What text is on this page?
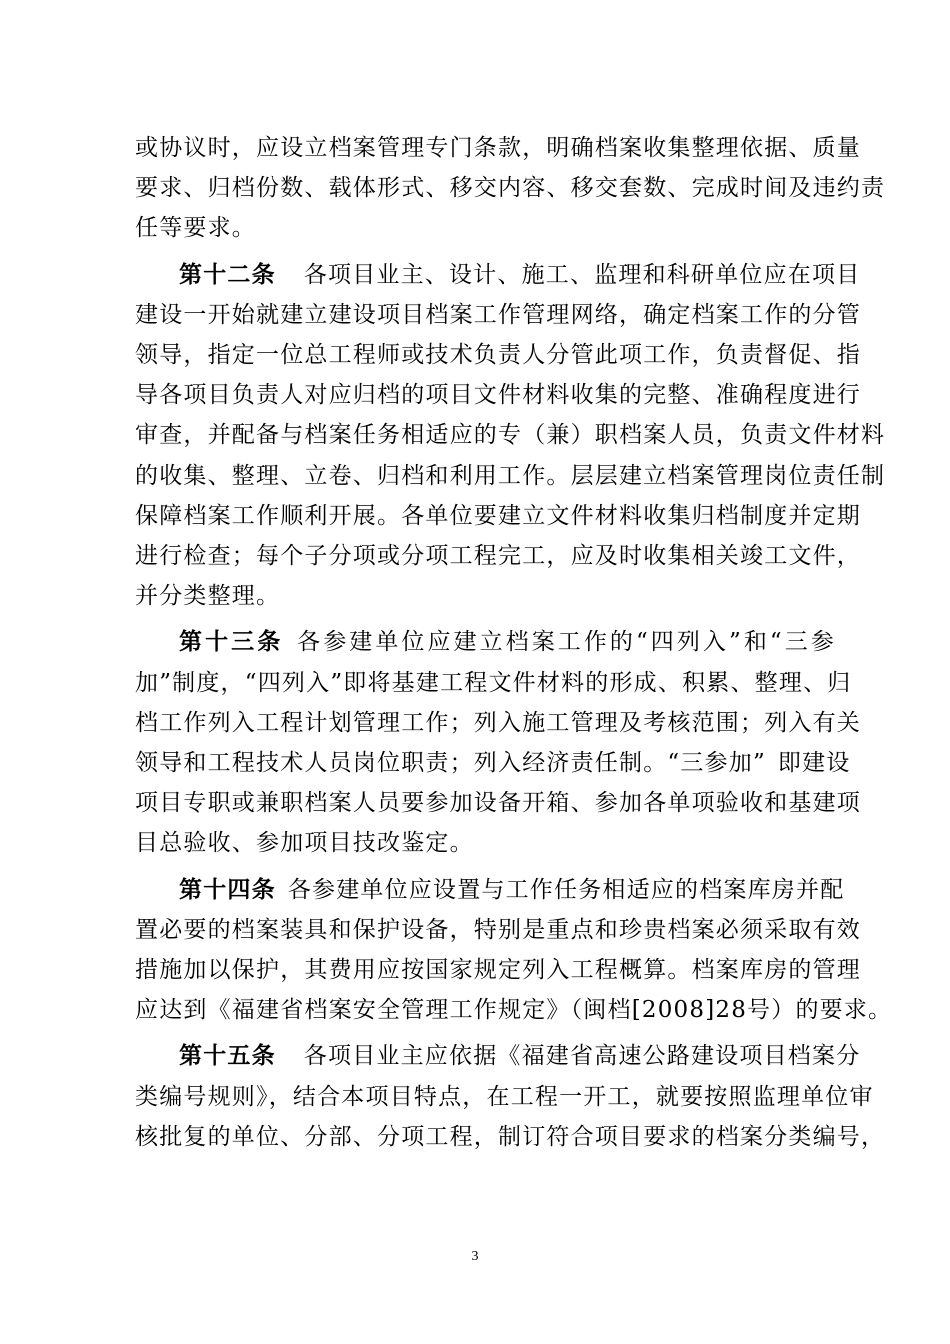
或协议时，应设立档案管理专门条款，明确档案收集整理依据、质量
要求、归档份数、载体形式、移交内容、移交套数、完成时间及违约责
任等要求。
第十二条 各项目业主、设计、施工、监理和科研单位应在项目
建设一开始就建立建设项目档案工作管理网络，确定档案工作的分管
领导，指定一位总工程师或技术负责人分管此项工作，负责督促、指
导各项目负责人对应归档的项目文件材料收集的完整、准确程度进行
审查，并配备与档案任务相适应的专（兼）职档案人员，负责文件材料
的收集、整理、立卷、归档和利用工作。层层建立档案管理岗位责任制
保障档案工作顺利开展。各单位要建立文件材料收集归档制度并定期
进行检查；每个子分项或分项工程完工，应及时收集相关竣工文件，
并分类整理。
第十三条 各参建单位应建立档案工作的“四列入”和“三参
加”制度，“四列入”即将基建工程文件材料的形成、积累、整理、归
档工作列入工程计划管理工作；列入施工管理及考核范围；列入有关
领导和工程技术人员岗位职责；列入经济责任制。“三参加” 即建设
项目专职或兼职档案人员要参加设备开箱、参加各单项验收和基建项
目总验收、参加项目技改鉴定。
第十四条 各参建单位应设置与工作任务相适应的档案库房并配
置必要的档案装具和保护设备，特别是重点和珍贵档案必须采取有效
措施加以保护，其费用应按国家规定列入工程概算。档案库房的管理
应达到《福建省档案安全管理工作规定》（闽档[2008]28号）的要求。
第十五条 各项目业主应依据《福建省高速公路建设项目档案分
类编号规则》，结合本项目特点，在工程一开工，就要按照监理单位审
核批复的单位、分部、分项工程，制订符合项目要求的档案分类编号，
3
